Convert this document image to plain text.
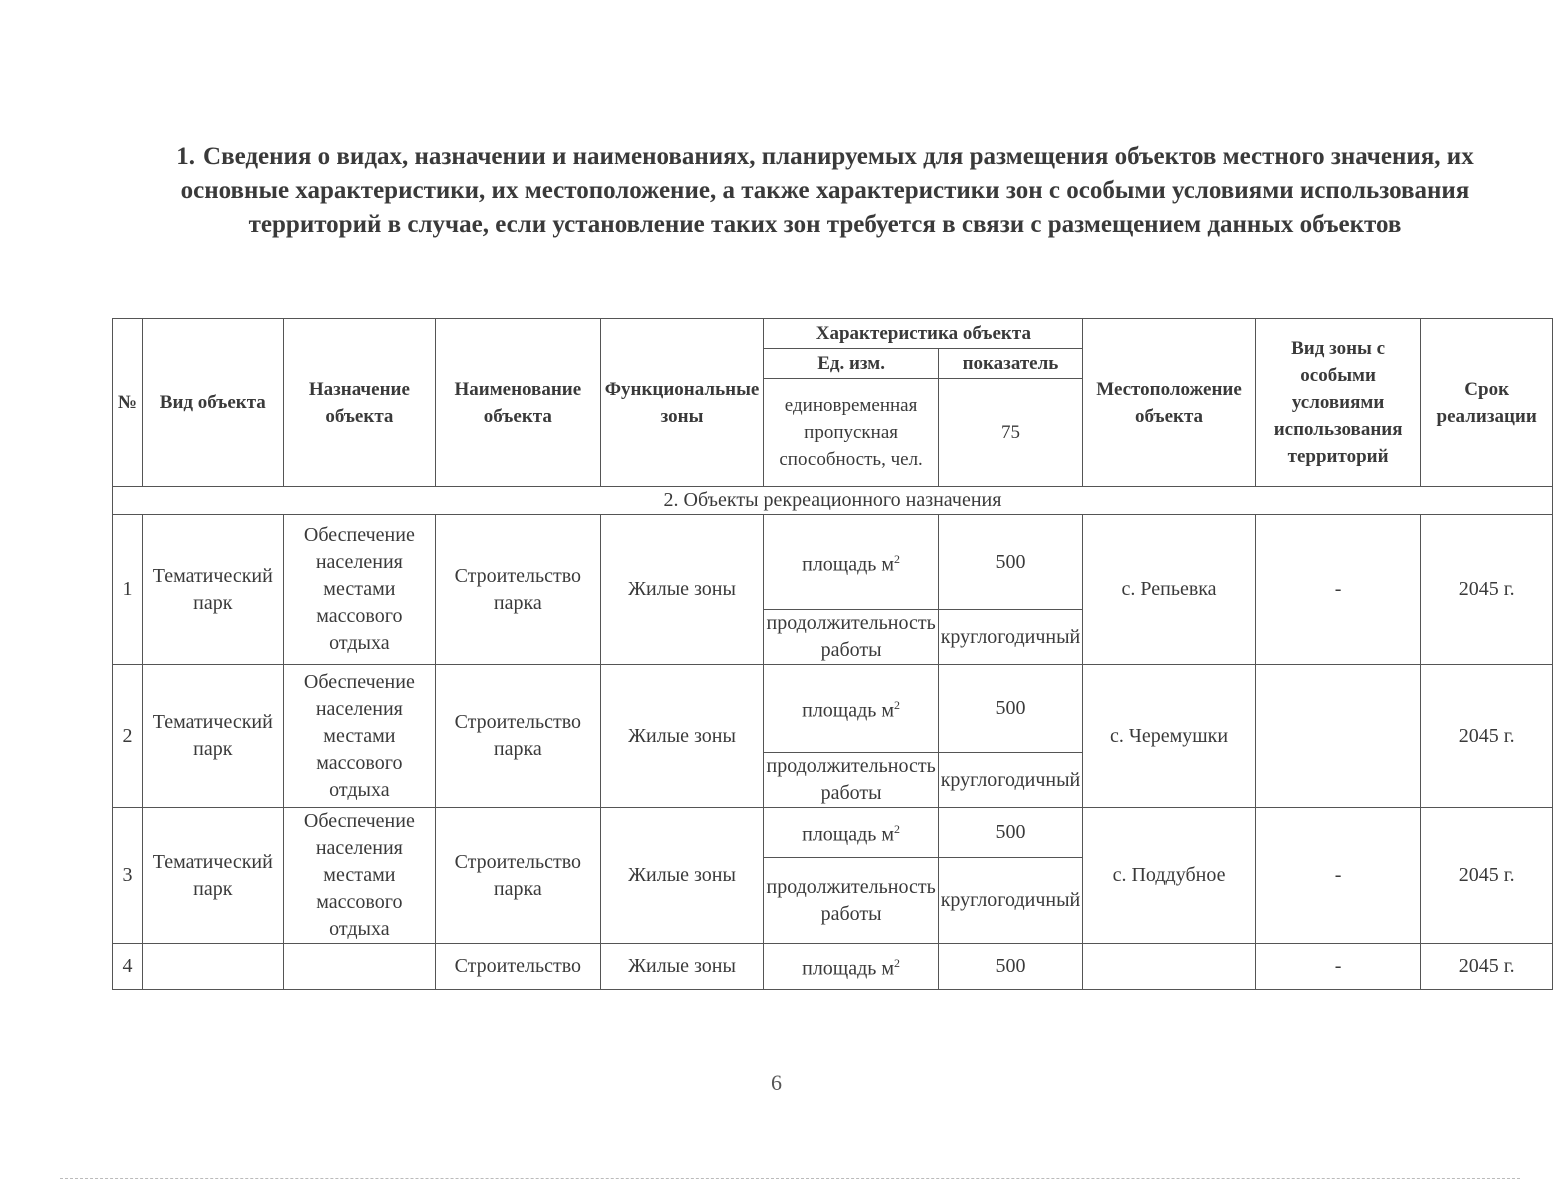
1. Сведения о видах, назначении и наименованиях, планируемых для размещения объектов местного значения, их основные характеристики, их местоположение, а также характеристики зон с особыми условиями использования территорий в случае, если установление таких зон требуется в связи с размещением данных объектов
№	Вид объекта	Назначение объекта	Наименование объекта	Функциональные зоны	Характеристика объекта		Местоположение объекта	Вид зоны с особыми условиями использования территорий	Срок реализации
					Ед. изм.	показатель			
					единовременная пропускная способность, чел.	75			
2. Объекты рекреационного назначения									
1	Тематический парк	Обеспечение населения местами массового отдыха	Строительство парка	Жилые зоны	площадь $м^2$	500	с. Репьевка	-	2045 г.
					продолжительность работы	круглогодичный			
2	Тематический парк	Обеспечение населения местами массового отдыха	Строительство парка	Жилые зоны	площадь $м^2$	500	с. Черемушки		2045 г.
					продолжительность работы	круглогодичный			
3	Тематический парк	Обеспечение населения местами массового отдыха	Строительство парка	Жилые зоны	площадь $м^2$	500	с. Поддубное	-	2045 г.
					продолжительность работы	круглогодичный			
4			Строительство	Жилые зоны	площадь $м^2$	500		-	2045 г.
6
